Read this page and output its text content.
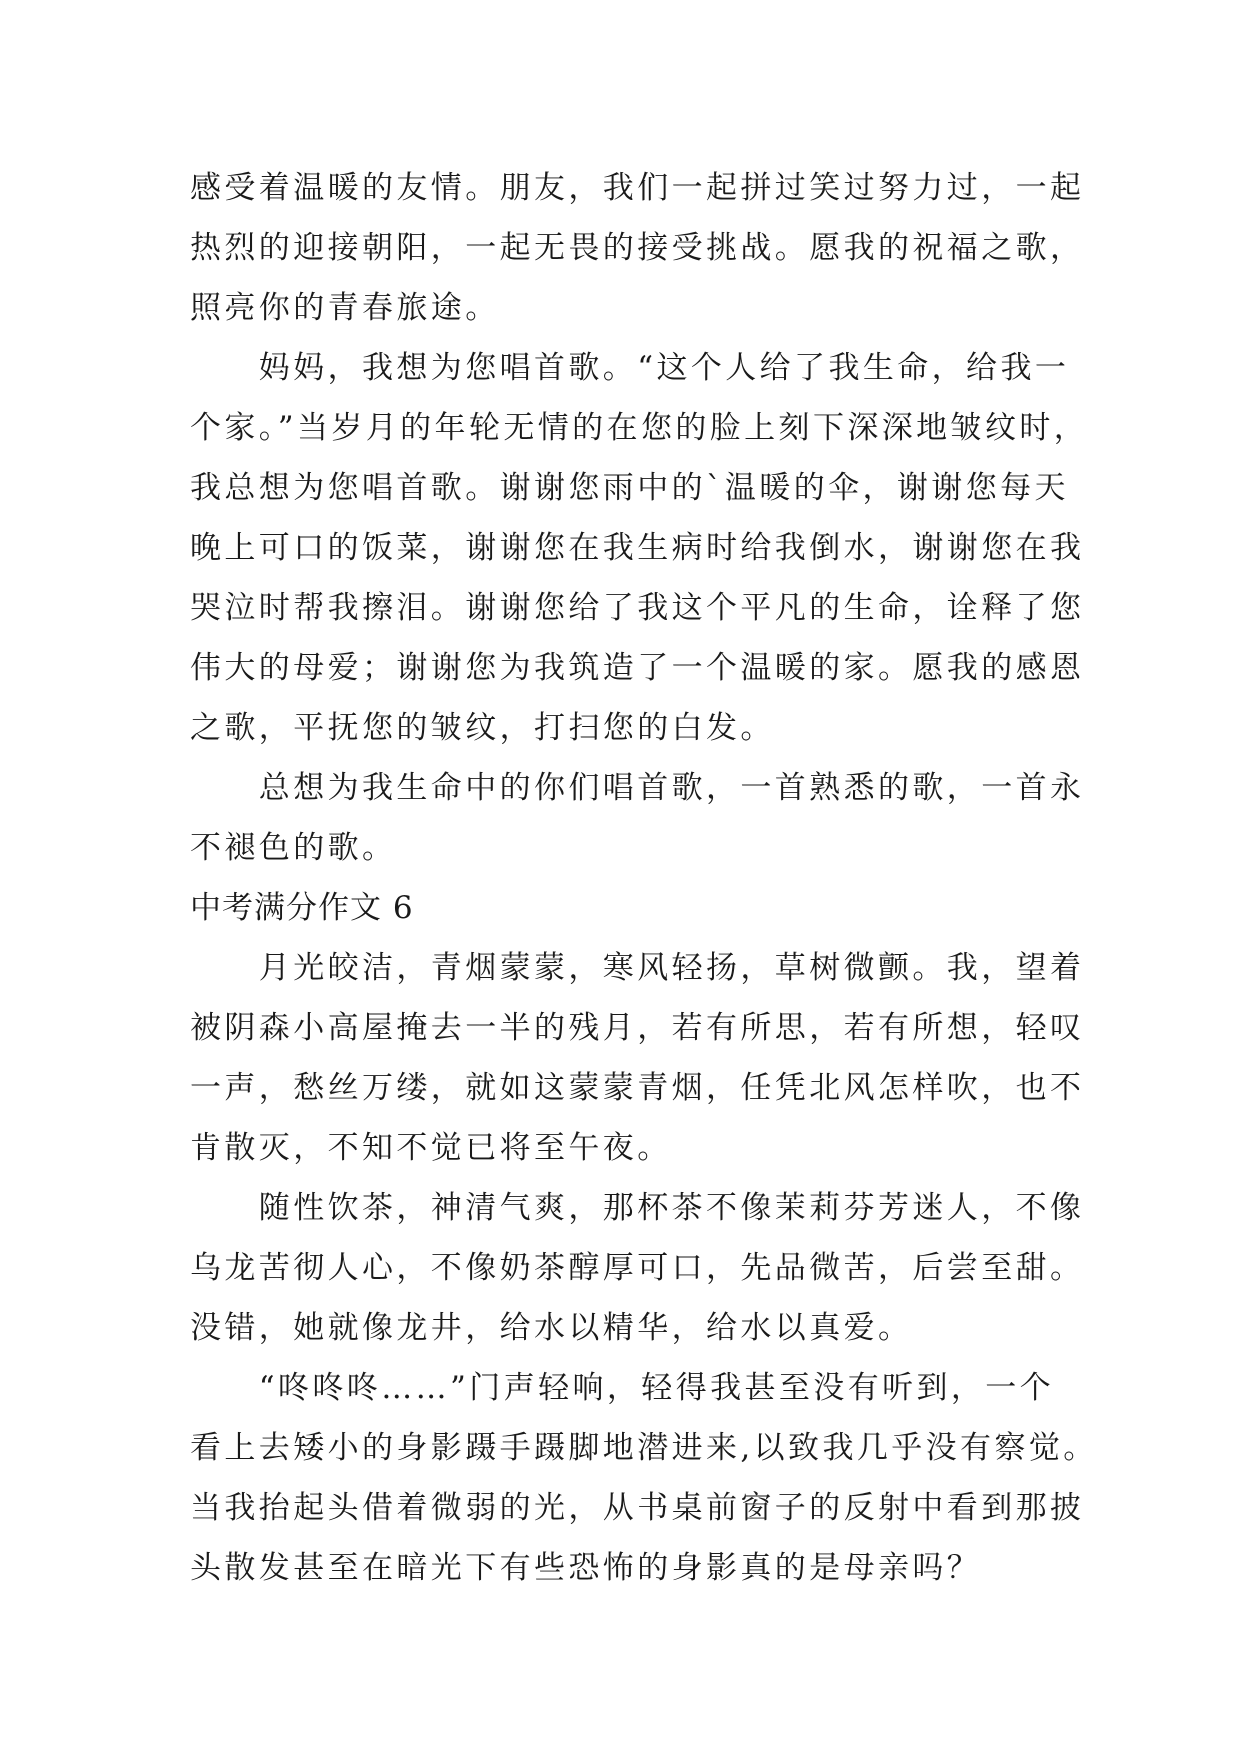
感受着温暖的友情。朋友，我们一起拼过笑过努力过，一起
热烈的迎接朝阳，一起无畏的接受挑战。愿我的祝福之歌，
照亮你的青春旅途。
　　妈妈，我想为您唱首歌。“这个人给了我生命，给我一
个家。”当岁月的年轮无情的在您的脸上刻下深深地皱纹时，
我总想为您唱首歌。谢谢您雨中的`温暖的伞，谢谢您每天
晚上可口的饭菜，谢谢您在我生病时给我倒水，谢谢您在我
哭泣时帮我擦泪。谢谢您给了我这个平凡的生命，诠释了您
伟大的母爱；谢谢您为我筑造了一个温暖的家。愿我的感恩
之歌，平抚您的皱纹，打扫您的白发。
　　总想为我生命中的你们唱首歌，一首熟悉的歌，一首永
不褪色的歌。
中考满分作文 6
　　月光皎洁，青烟蒙蒙，寒风轻扬，草树微颤。我，望着
被阴森小高屋掩去一半的残月，若有所思，若有所想，轻叹
一声，愁丝万缕，就如这蒙蒙青烟，任凭北风怎样吹，也不
肯散灭，不知不觉已将至午夜。
　　随性饮茶，神清气爽，那杯茶不像茉莉芬芳迷人，不像
乌龙苦彻人心，不像奶茶醇厚可口，先品微苦，后尝至甜。
没错，她就像龙井，给水以精华，给水以真爱。
　　“咚咚咚……”门声轻响，轻得我甚至没有听到，一个
看上去矮小的身影蹑手蹑脚地潜进来,以致我几乎没有察觉。
当我抬起头借着微弱的光，从书桌前窗子的反射中看到那披
头散发甚至在暗光下有些恐怖的身影真的是母亲吗？
